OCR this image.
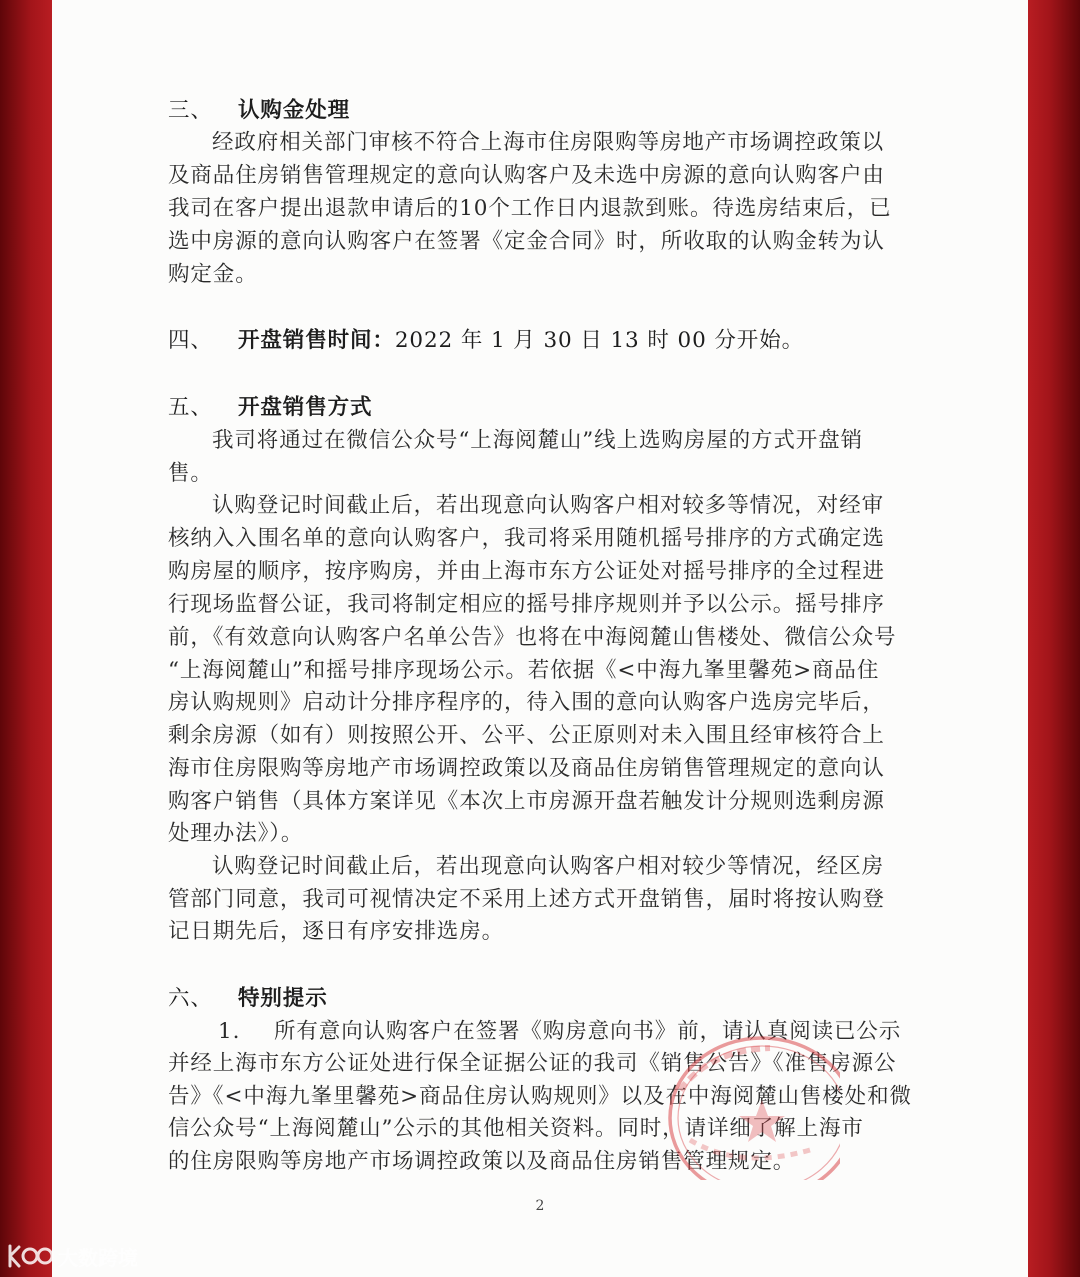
三、 认购金处理
经政府相关部门审核不符合上海市住房限购等房地产市场调控政策以
及商品住房销售管理规定的意向认购客户及未选中房源的意向认购客户由
我司在客户提出退款申请后的10个工作日内退款到账。待选房结束后，已
选中房源的意向认购客户在签署《定金合同》时，所收取的认购金转为认
购定金。
四、 开盘销售时间：2022 年 1 月 30 日 13 时 00 分开始。
五、 开盘销售方式
我司将通过在微信公众号“上海阅麓山”线上选购房屋的方式开盘销
售。
认购登记时间截止后，若出现意向认购客户相对较多等情况，对经审
核纳入入围名单的意向认购客户，我司将采用随机摇号排序的方式确定选
购房屋的顺序，按序购房，并由上海市东方公证处对摇号排序的全过程进
行现场监督公证，我司将制定相应的摇号排序规则并予以公示。摇号排序
前，《有效意向认购客户名单公告》也将在中海阅麓山售楼处、微信公众号
“上海阅麓山”和摇号排序现场公示。若依据《<中海九峯里馨苑>商品住
房认购规则》启动计分排序程序的，待入围的意向认购客户选房完毕后，
剩余房源（如有）则按照公开、公平、公正原则对未入围且经审核符合上
海市住房限购等房地产市场调控政策以及商品住房销售管理规定的意向认
购客户销售（具体方案详见《本次上市房源开盘若触发计分规则选剩房源
处理办法》）。
认购登记时间截止后，若出现意向认购客户相对较少等情况，经区房
管部门同意，我司可视情决定不采用上述方式开盘销售，届时将按认购登
记日期先后，逐日有序安排选房。
六、 特别提示
1. 所有意向认购客户在签署《购房意向书》前，请认真阅读已公示
并经上海市东方公证处进行保全证据公证的我司《销售公告》《准售房源公
告》《<中海九峯里馨苑>商品住房认购规则》以及在中海阅麓山售楼处和微
信公众号“上海阅麓山”公示的其他相关资料。同时，请详细了解上海市
的住房限购等房地产市场调控政策以及商品住房销售管理规定。
2
大数跨境
